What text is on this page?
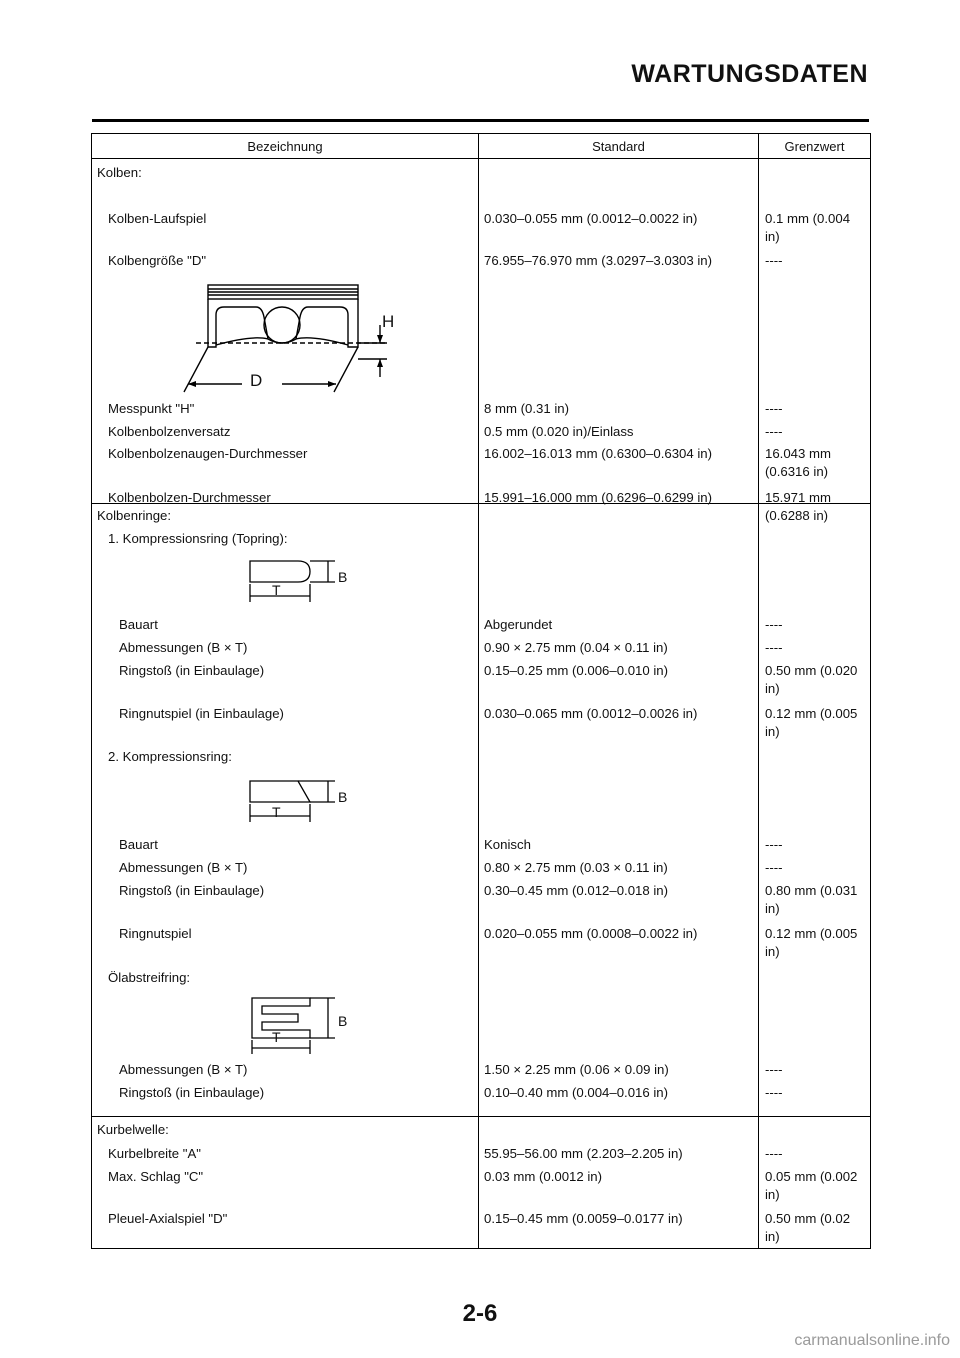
WARTUNGSDATEN
Bezeichnung	Standard	Grenzwert
Kolben:
Kolben-Laufspiel
Kolbengröße "D"
H
D
Messpunkt "H"
Kolbenbolzenversatz
Kolbenbolzenaugen-Durchmesser
Kolbenbolzen-Durchmesser
0.030–0.055 mm (0.0012–0.0022 in)
76.955–76.970 mm (3.0297–3.0303 in)
8 mm (0.31 in)
0.5 mm (0.020 in)/Einlass
16.002–16.013 mm (0.6300–0.6304 in)
15.991–16.000 mm (0.6296–0.6299 in)
0.1 mm (0.004 in)
----
----
----
16.043 mm (0.6316 in)
15.971 mm (0.6288 in)
Kolbenringe:
1. Kompressionsring (Topring):
B
T
Bauart
Abmessungen (B × T)
Ringstoß (in Einbaulage)
Ringnutspiel (in Einbaulage)
2. Kompressionsring:
B
T
Bauart
Abmessungen (B × T)
Ringstoß (in Einbaulage)
Ringnutspiel
Ölabstreifring:
B
T
Abmessungen (B × T)
Ringstoß (in Einbaulage)
Abgerundet
0.90 × 2.75 mm (0.04 × 0.11 in)
0.15–0.25 mm (0.006–0.010 in)
0.030–0.065 mm (0.0012–0.0026 in)
Konisch
0.80 × 2.75 mm (0.03 × 0.11 in)
0.30–0.45 mm (0.012–0.018 in)
0.020–0.055 mm (0.0008–0.0022 in)
1.50 × 2.25 mm (0.06 × 0.09 in)
0.10–0.40 mm (0.004–0.016 in)
----
----
0.50 mm (0.020 in)
0.12 mm (0.005 in)
----
----
0.80 mm (0.031 in)
0.12 mm (0.005 in)
----
----
Kurbelwelle:
Kurbelbreite "A"
Max. Schlag "C"
Pleuel-Axialspiel "D"
55.95–56.00 mm (2.203–2.205 in)
0.03 mm (0.0012 in)
0.15–0.45 mm (0.0059–0.0177 in)
----
0.05 mm (0.002 in)
0.50 mm (0.02 in)
2-6
carmanualsonline.info
